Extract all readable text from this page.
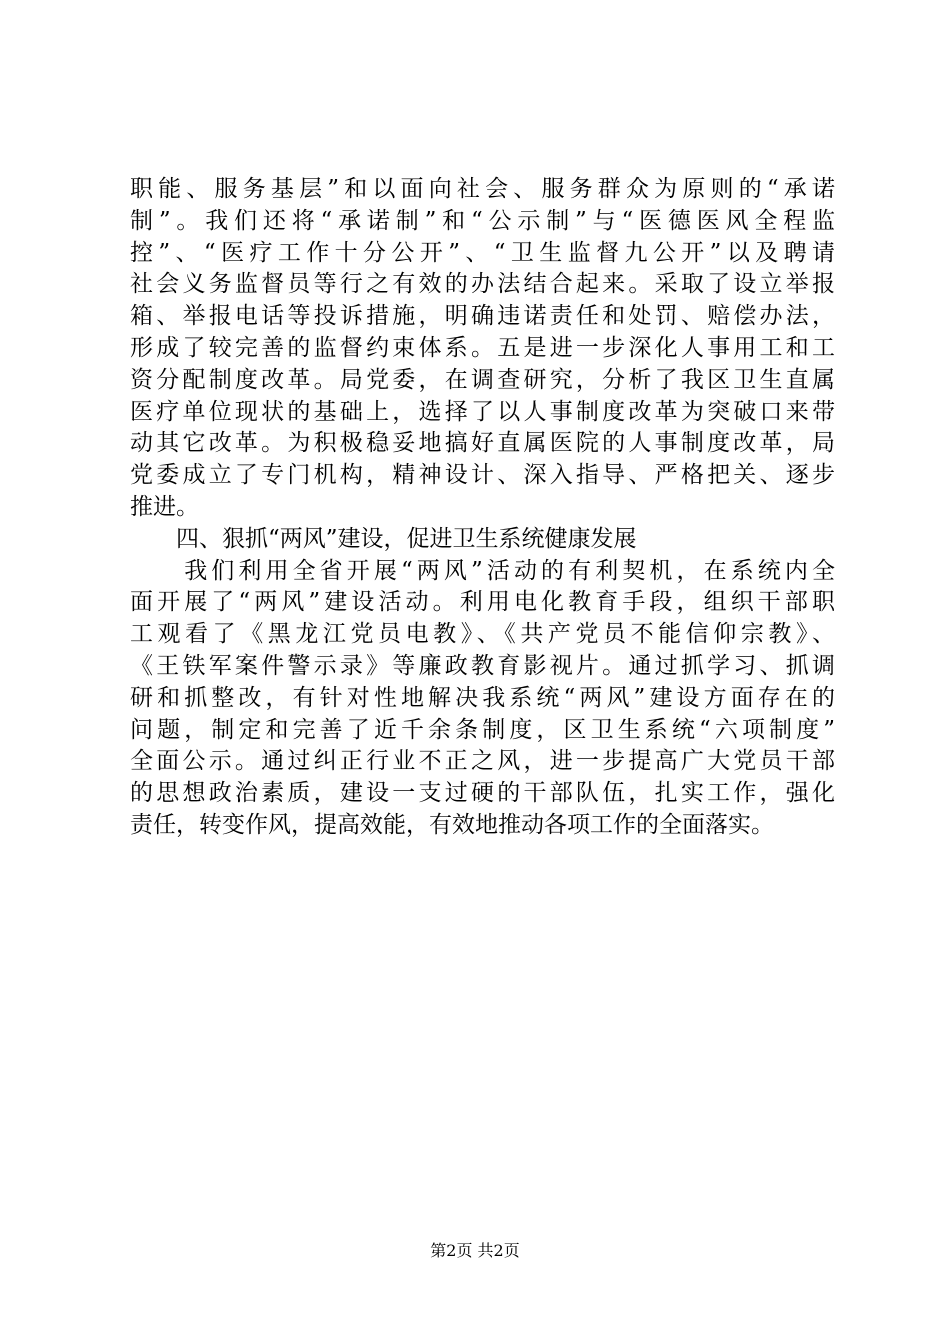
职能、服务基层”和以面向社会、服务群众为原则的“承诺
制”。我们还将“承诺制”和“公示制”与“医德医风全程监
控”、“医疗工作十分公开”、“卫生监督九公开”以及聘请
社会义务监督员等行之有效的办法结合起来。采取了设立举报
箱、举报电话等投诉措施，明确违诺责任和处罚、赔偿办法，
形成了较完善的监督约束体系。五是进一步深化人事用工和工
资分配制度改革。局党委，在调查研究，分析了我区卫生直属
医疗单位现状的基础上，选择了以人事制度改革为突破口来带
动其它改革。为积极稳妥地搞好直属医院的人事制度改革，局
党委成立了专门机构，精神设计、深入指导、严格把关、逐步
推进。
　　四、狠抓“两风”建设，促进卫生系统健康发展
　　我们利用全省开展“两风”活动的有利契机，在系统内全
面开展了“两风”建设活动。利用电化教育手段，组织干部职
工观看了《黑龙江党员电教》、《共产党员不能信仰宗教》、
《王铁军案件警示录》等廉政教育影视片。通过抓学习、抓调
研和抓整改，有针对性地解决我系统“两风”建设方面存在的
问题，制定和完善了近千余条制度，区卫生系统“六项制度”
全面公示。通过纠正行业不正之风，进一步提高广大党员干部
的思想政治素质，建设一支过硬的干部队伍，扎实工作，强化
责任，转变作风，提高效能，有效地推动各项工作的全面落实。
第2页 共2页
